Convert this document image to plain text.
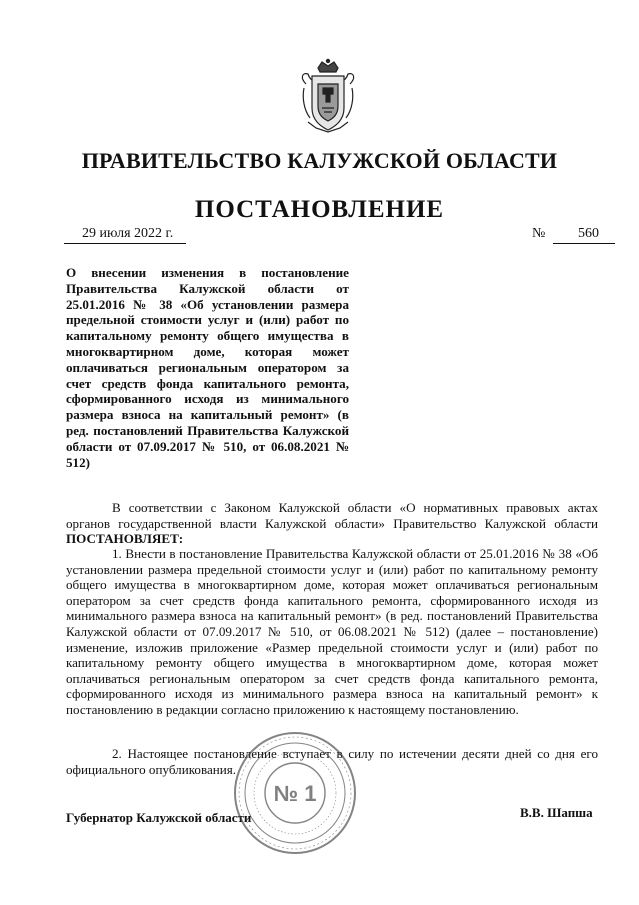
ПРАВИТЕЛЬСТВО КАЛУЖСКОЙ ОБЛАСТИ
ПОСТАНОВЛЕНИЕ
29 июля 2022 г.	№ 560
О внесении изменения в постановление Правительства Калужской области от 25.01.2016 № 38 «Об установлении размера предельной стоимости услуг и (или) работ по капитальному ремонту общего имущества в многоквартирном доме, которая может оплачиваться региональным оператором за счет средств фонда капитального ремонта, сформированного исходя из минимального размера взноса на капитальный ремонт» (в ред. постановлений Правительства Калужской области от 07.09.2017 № 510, от 06.08.2021 № 512)
В соответствии с Законом Калужской области «О нормативных правовых актах органов государственной власти Калужской области» Правительство Калужской области ПОСТАНОВЛЯЕТ:
1. Внести в постановление Правительства Калужской области от 25.01.2016 № 38 «Об установлении размера предельной стоимости услуг и (или) работ по капитальному ремонту общего имущества в многоквартирном доме, которая может оплачиваться региональным оператором за счет средств фонда капитального ремонта, сформированного исходя из минимального размера взноса на капитальный ремонт» (в ред. постановлений Правительства Калужской области от 07.09.2017 № 510, от 06.08.2021 № 512) (далее – постановление) изменение, изложив приложение «Размер предельной стоимости услуг и (или) работ по капитальному ремонту общего имущества в многоквартирном доме, которая может оплачиваться региональным оператором за счет средств фонда капитального ремонта, сформированного исходя из минимального размера взноса на капитальный ремонт» к постановлению в редакции согласно приложению к настоящему постановлению.
2. Настоящее постановление вступает в силу по истечении десяти дней со дня его официального опубликования.
Губернатор Калужской области	В.В. Шапша
№ 1
